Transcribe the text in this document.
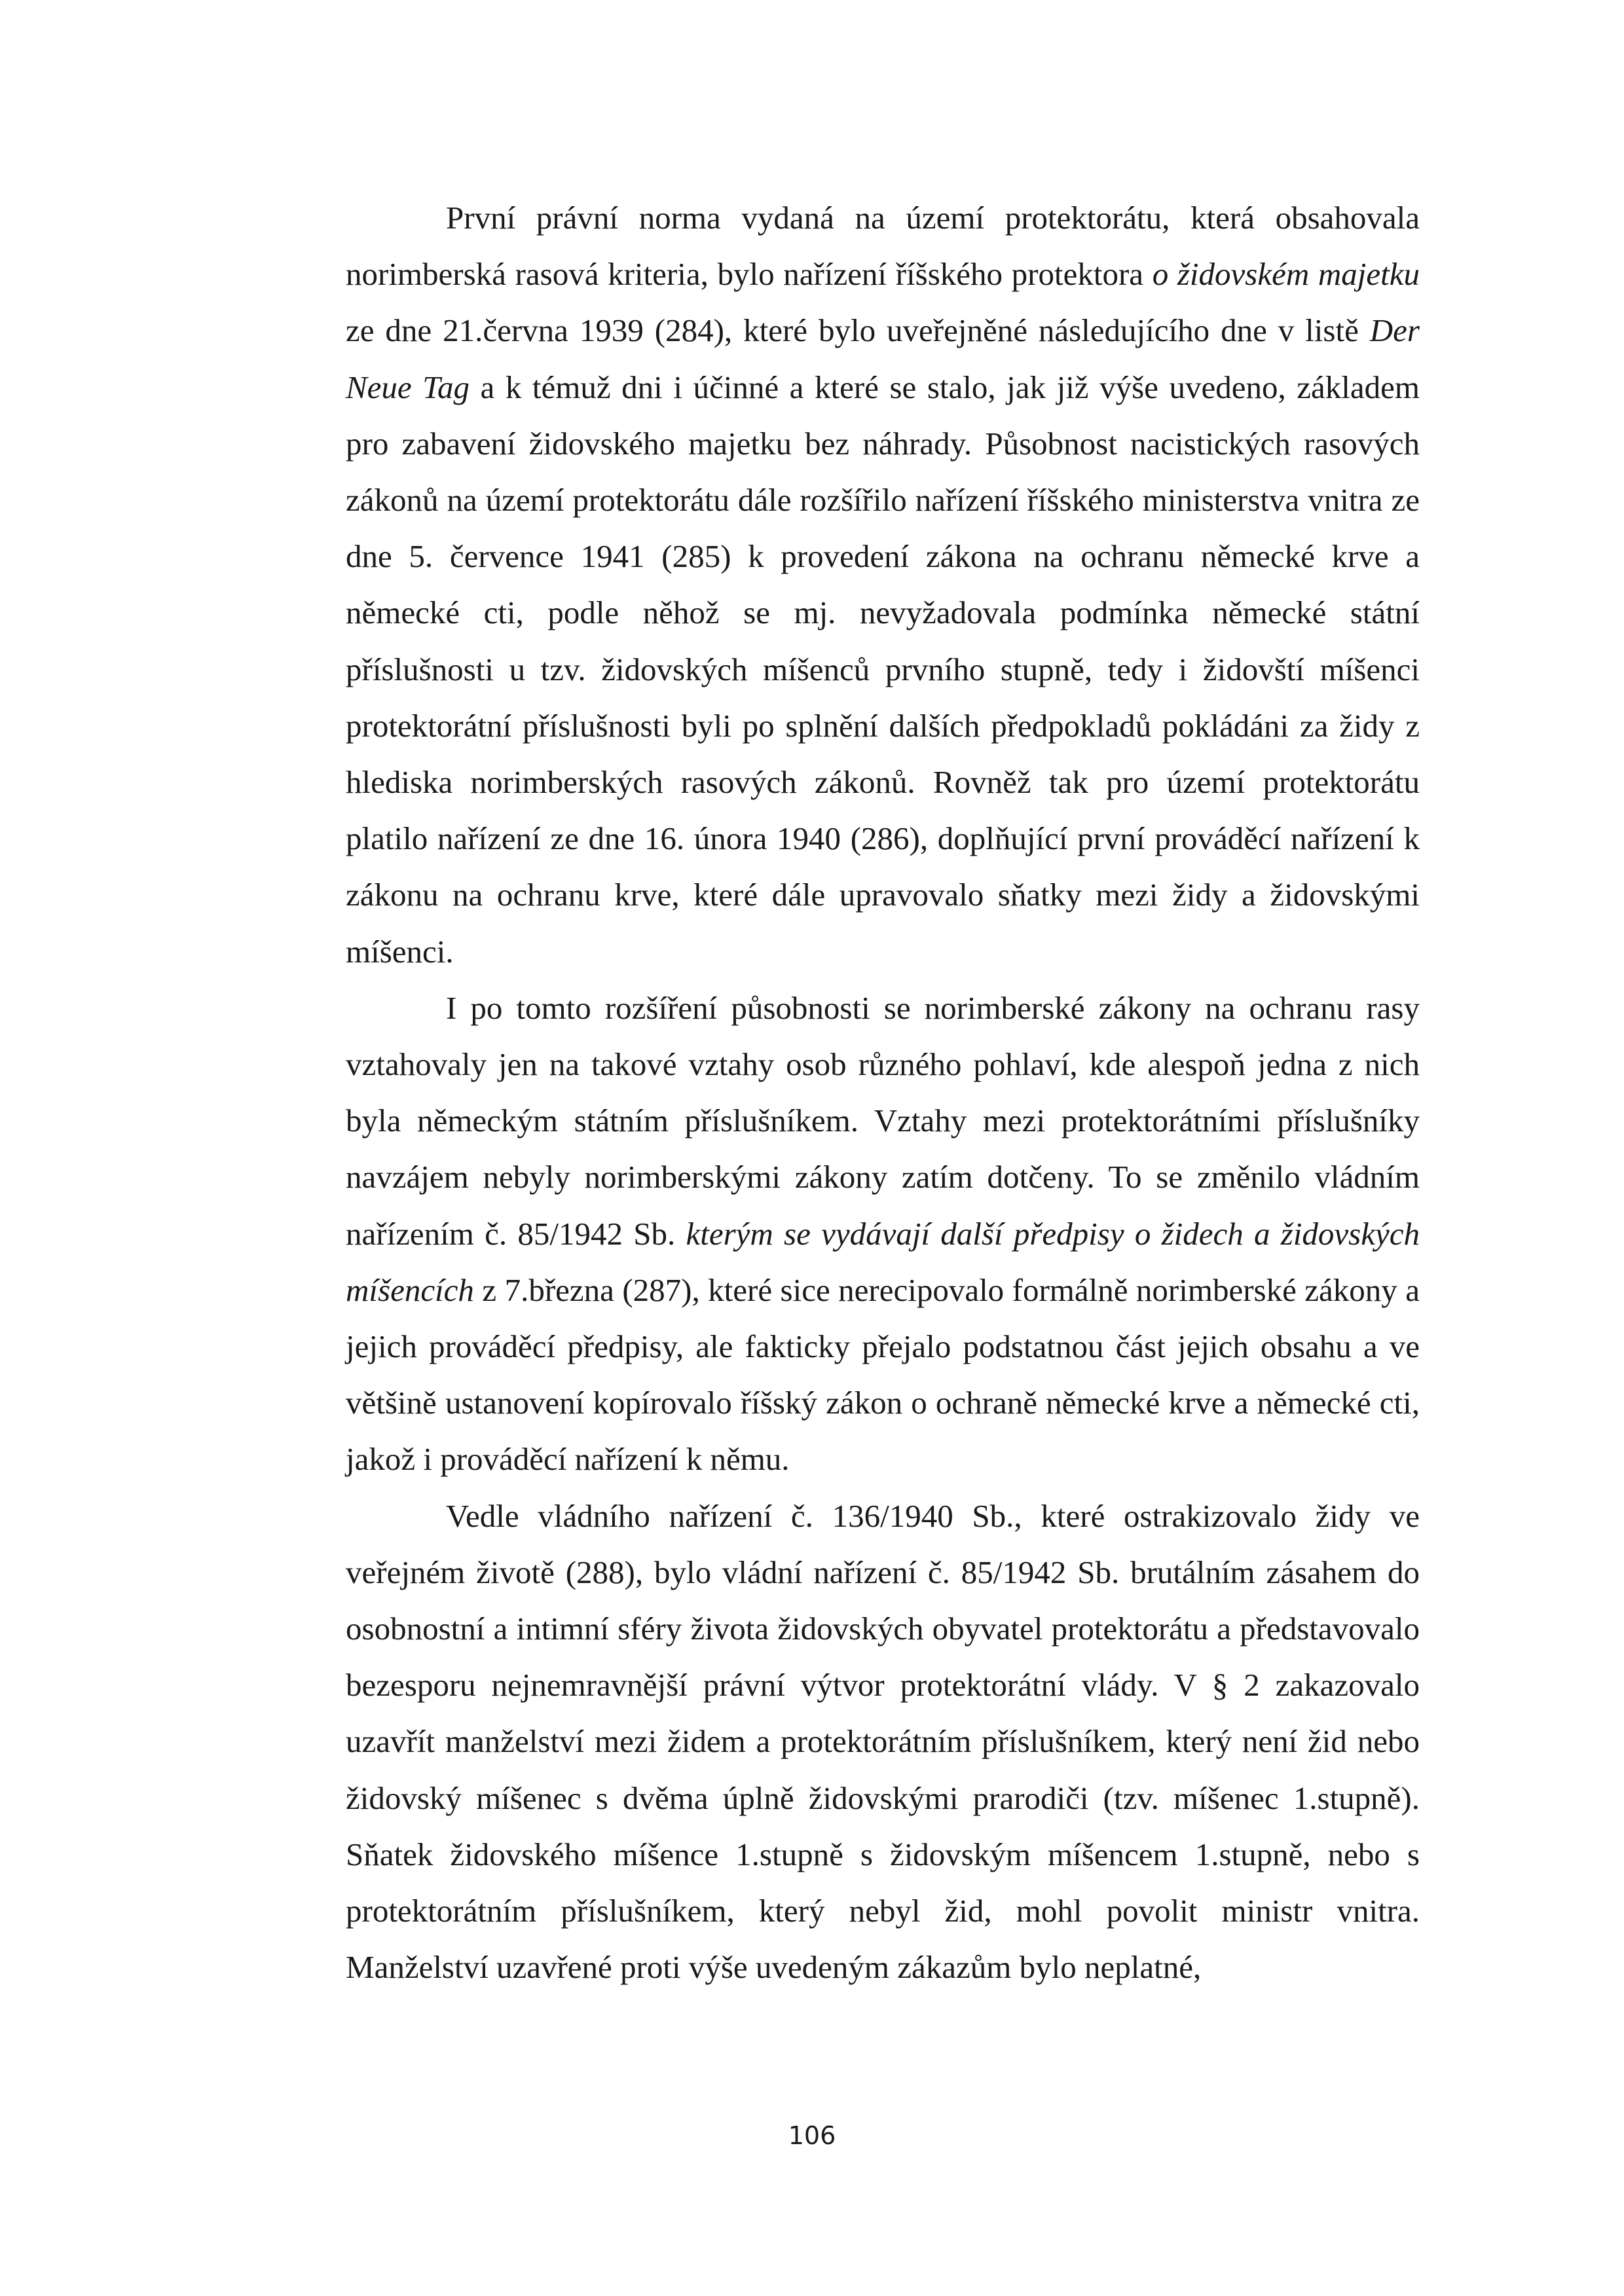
První právní norma vydaná na území protektorátu, která obsahovala norimberská rasová kriteria, bylo nařízení říšského protektora o židovském majetku ze dne 21.června 1939 (284), které bylo uveřejněné následujícího dne v listě Der Neue Tag a k témuž dni i účinné a které se stalo, jak již výše uvedeno, základem pro zabavení židovského majetku bez náhrady. Působnost nacistických rasových zákonů na území protektorátu dále rozšířilo nařízení říšského ministerstva vnitra ze dne 5. července 1941 (285) k provedení zákona na ochranu německé krve a německé cti, podle něhož se mj. nevyžadovala podmínka německé státní příslušnosti u tzv. židovských míšenců prvního stupně, tedy i židovští míšenci protektorátní příslušnosti byli po splnění dalších předpokladů pokládáni za židy z hlediska norimberských rasových zákonů. Rovněž tak pro území protektorátu platilo nařízení ze dne 16. února 1940 (286), doplňující první prováděcí nařízení k zákonu na ochranu krve, které dále upravovalo sňatky mezi židy a židovskými míšenci.

I po tomto rozšíření působnosti se norimberské zákony na ochranu rasy vztahovaly jen na takové vztahy osob různého pohlaví, kde alespoň jedna z nich byla německým státním příslušníkem. Vztahy mezi protektorátními příslušníky navzájem nebyly norimberskými zákony zatím dotčeny. To se změnilo vládním nařízením č. 85/1942 Sb. kterým se vydávají další předpisy o židech a židovských míšencích z 7.března (287), které sice nerecipovalo formálně norimberské zákony a jejich prováděcí předpisy, ale fakticky přejalo podstatnou část jejich obsahu a ve většině ustanovení kopírovalo říšský zákon o ochraně německé krve a německé cti, jakož i prováděcí nařízení k němu.

Vedle vládního nařízení č. 136/1940 Sb., které ostrakizovalo židy ve veřejném životě (288), bylo vládní nařízení č. 85/1942 Sb. brutálním zásahem do osobnostní a intimní sféry života židovských obyvatel protektorátu a představovalo bezesporu nejnemravnější právní výtvor protektorátní vlády. V § 2 zakazovalo uzavřít manželství mezi židem a protektorátním příslušníkem, který není žid nebo židovský míšenec s dvěma úplně židovskými prarodiči (tzv. míšenec 1.stupně). Sňatek židovského míšence 1.stupně s židovským míšencem 1.stupně, nebo s protektorátním příslušníkem, který nebyl žid, mohl povolit ministr vnitra. Manželství uzavřené proti výše uvedeným zákazům bylo neplatné,

106
